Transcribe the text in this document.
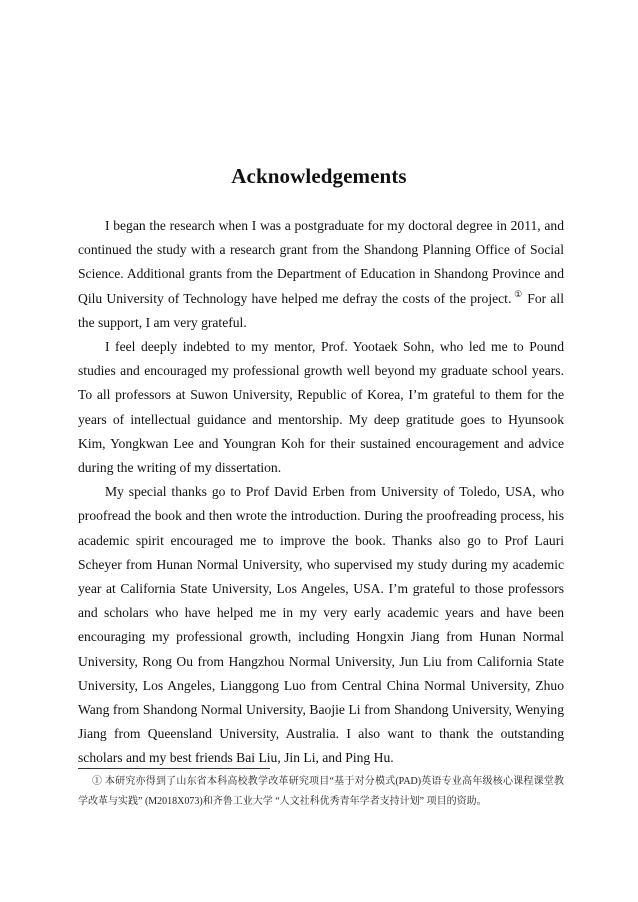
Acknowledgements

I began the research when I was a postgraduate for my doctoral degree in 2011, and continued the study with a research grant from the Shandong Planning Office of Social Science. Additional grants from the Department of Education in Shandong Province and Qilu University of Technology have helped me defray the costs of the project. ① For all the support, I am very grateful.

I feel deeply indebted to my mentor, Prof. Yootaek Sohn, who led me to Pound studies and encouraged my professional growth well beyond my graduate school years. To all professors at Suwon University, Republic of Korea, I’m grateful to them for the years of intellectual guidance and mentorship. My deep gratitude goes to Hyunsook Kim, Yongkwan Lee and Youngran Koh for their sustained encouragement and advice during the writing of my dissertation.

My special thanks go to Prof David Erben from University of Toledo, USA, who proofread the book and then wrote the introduction. During the proofreading process, his academic spirit encouraged me to improve the book. Thanks also go to Prof Lauri Scheyer from Hunan Normal University, who supervised my study during my academic year at California State University, Los Angeles, USA. I’m grateful to those professors and scholars who have helped me in my very early academic years and have been encouraging my professional growth, including Hongxin Jiang from Hunan Normal University, Rong Ou from Hangzhou Normal University, Jun Liu from California State University, Los Angeles, Lianggong Luo from Central China Normal University, Zhuo Wang from Shandong Normal University, Baojie Li from Shandong University, Wenying Jiang from Queensland University, Australia. I also want to thank the outstanding scholars and my best friends Bai Liu, Jin Li, and Ping Hu.

① 本研究亦得到了山东省本科高校教学改革研究项目“基于对分模式(PAD)英语专业高年级核心课程课堂教学改革与实践” (M2018X073)和齐鲁工业大学 “人文社科优秀青年学者支持计划” 项目的资助。
